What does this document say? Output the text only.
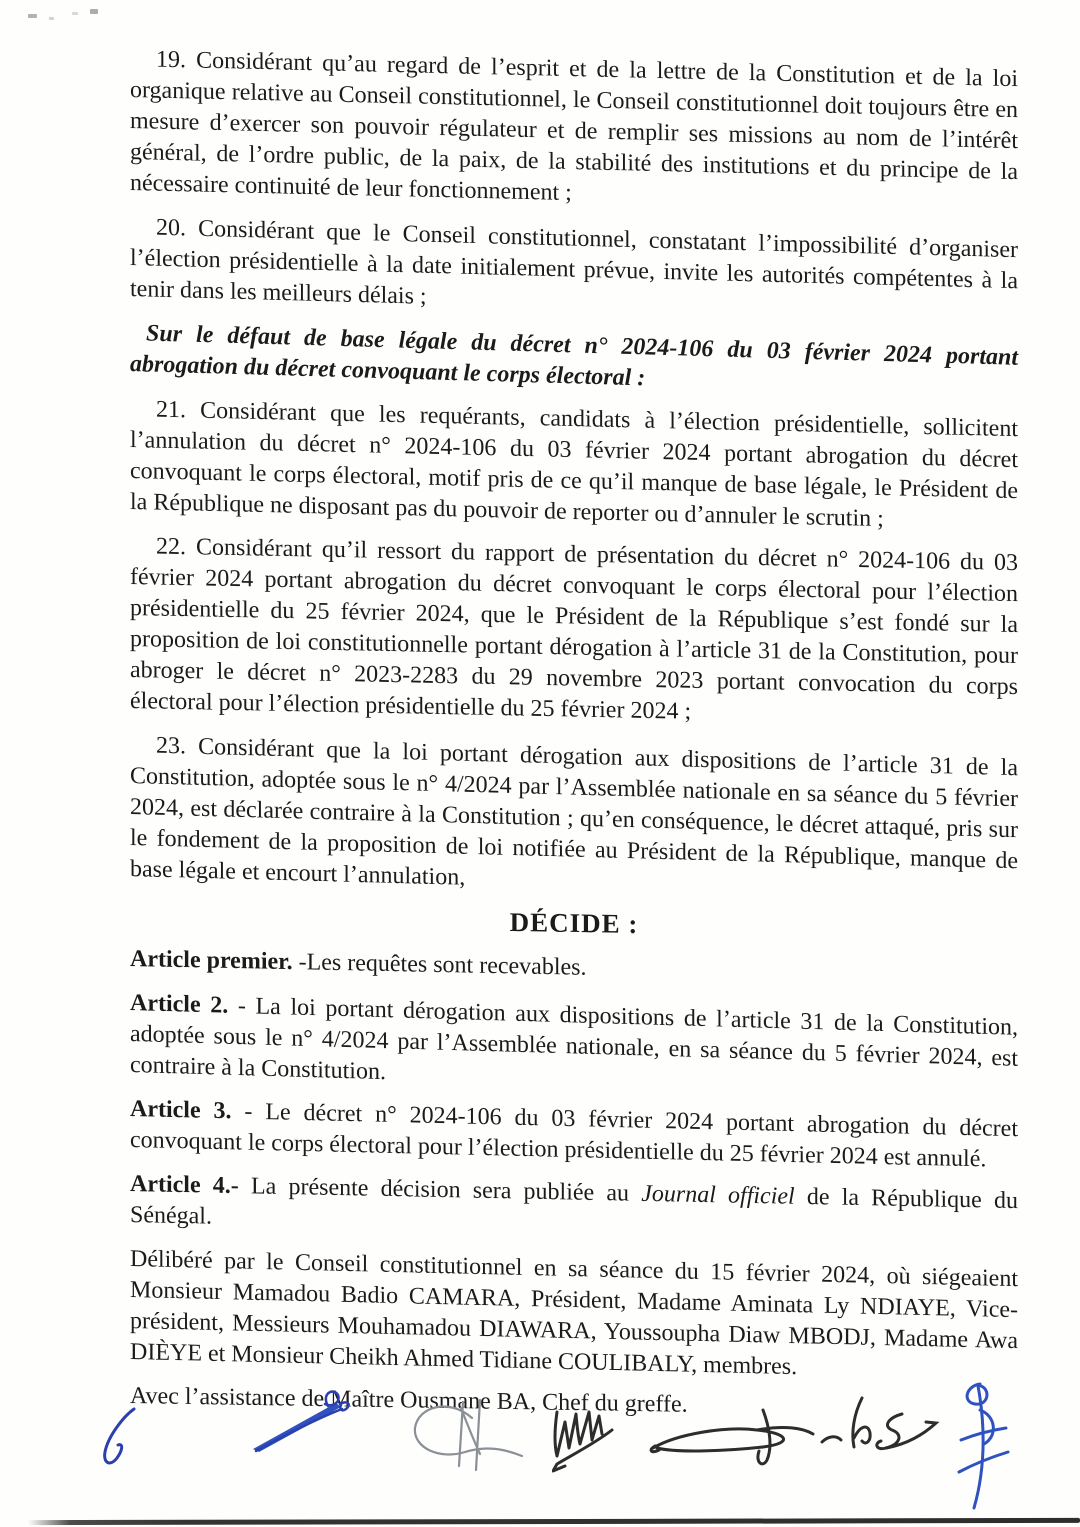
19. Considérant qu’au regard de l’esprit et de la lettre de la Constitution et de la loi organique relative au Conseil constitutionnel, le Conseil constitutionnel doit toujours être en mesure d’exercer son pouvoir régulateur et de remplir ses missions au nom de l’intérêt général, de l’ordre public, de la paix, de la stabilité des institutions et du principe de la nécessaire continuité de leur fonctionnement ;

20. Considérant que le Conseil constitutionnel, constatant l’impossibilité d’organiser l’élection présidentielle à la date initialement prévue, invite les autorités compétentes à la tenir dans les meilleurs délais ;

Sur le défaut de base légale du décret n° 2024-106 du 03 février 2024 portant abrogation du décret convoquant le corps électoral :

21. Considérant que les requérants, candidats à l’élection présidentielle, sollicitent l’annulation du décret n° 2024-106 du 03 février 2024 portant abrogation du décret convoquant le corps électoral, motif pris de ce qu’il manque de base légale, le Président de la République ne disposant pas du pouvoir de reporter ou d’annuler le scrutin ;

22. Considérant qu’il ressort du rapport de présentation du décret n° 2024-106 du 03 février 2024 portant abrogation du décret convoquant le corps électoral pour l’élection présidentielle du 25 février 2024, que le Président de la République s’est fondé sur la proposition de loi constitutionnelle portant dérogation à l’article 31 de la Constitution, pour abroger le décret n° 2023-2283 du 29 novembre 2023 portant convocation du corps électoral pour l’élection présidentielle du 25 février 2024 ;

23. Considérant que la loi portant dérogation aux dispositions de l’article 31 de la Constitution, adoptée sous le n° 4/2024 par l’Assemblée nationale en sa séance du 5 février 2024, est déclarée contraire à la Constitution ; qu’en conséquence, le décret attaqué, pris sur le fondement de la proposition de loi notifiée au Président de la République, manque de base légale et encourt l’annulation,

DÉCIDE :

Article premier. -Les requêtes sont recevables.

Article 2. - La loi portant dérogation aux dispositions de l’article 31 de la Constitution, adoptée sous le n° 4/2024 par l’Assemblée nationale, en sa séance du 5 février 2024, est contraire à la Constitution.

Article 3. - Le décret n° 2024-106 du 03 février 2024 portant abrogation du décret convoquant le corps électoral pour l’élection présidentielle du 25 février 2024 est annulé.

Article 4.- La présente décision sera publiée au Journal officiel de la République du Sénégal.

Délibéré par le Conseil constitutionnel en sa séance du 15 février 2024, où siégeaient Monsieur Mamadou Badio CAMARA, Président, Madame Aminata Ly NDIAYE, Vice-président, Messieurs Mouhamadou DIAWARA, Youssoupha Diaw MBODJ, Madame Awa DIÈYE et Monsieur Cheikh Ahmed Tidiane COULIBALY, membres.

Avec l’assistance de Maître Ousmane BA, Chef du greffe.
